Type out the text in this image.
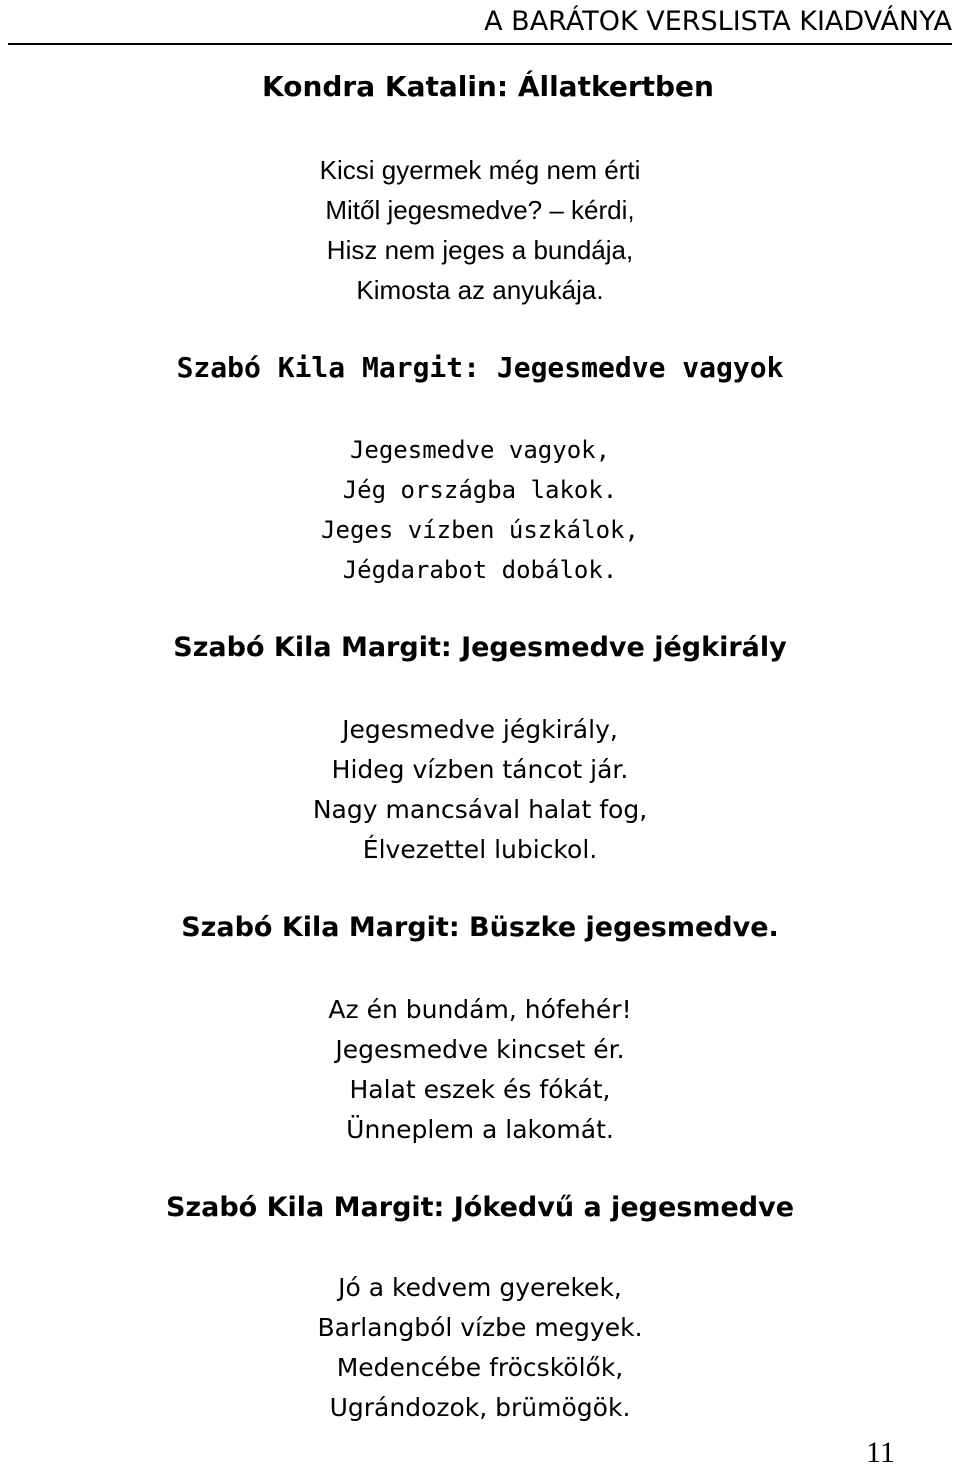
A BARÁTOK VERSLISTA KIADVÁNYA
Kondra Katalin: Állatkertben
Kicsi gyermek még nem érti
Mitől jegesmedve? – kérdi,
Hisz nem jeges a bundája,
Kimosta az anyukája.
Szabó Kila Margit: Jegesmedve vagyok
Jegesmedve vagyok,
Jég országba lakok.
Jeges vízben úszkálok,
Jégdarabot dobálok.
Szabó Kila Margit: Jegesmedve jégkirály
Jegesmedve jégkirály,
Hideg vízben táncot jár.
Nagy mancsával halat fog,
Élvezettel lubickol.
Szabó Kila Margit: Büszke jegesmedve.
Az én bundám, hófehér!
Jegesmedve kincset ér.
Halat eszek és fókát,
Ünneplem a lakomát.
Szabó Kila Margit: Jókedvű a jegesmedve
Jó a kedvem gyerekek,
Barlangból vízbe megyek.
Medencébe fröcskölők,
Ugrándozok, brümögök.
11
